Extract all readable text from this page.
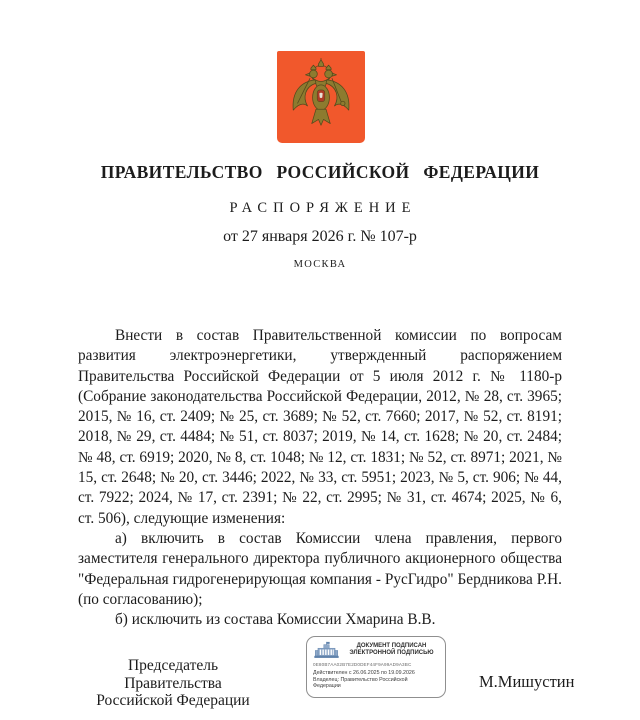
ПРАВИТЕЛЬСТВО РОССИЙСКОЙ ФЕДЕРАЦИИ
РАСПОРЯЖЕНИЕ
от 27 января 2026 г. № 107-р
МОСКВА

Внести в состав Правительственной комиссии по вопросам развития электроэнергетики, утвержденный распоряжением Правительства Российской Федерации от 5 июля 2012 г. № 1180-р (Собрание законодательства Российской Федерации, 2012, № 28, ст. 3965; 2015, № 16, ст. 2409; № 25, ст. 3689; № 52, ст. 7660; 2017, № 52, ст. 8191; 2018, № 29, ст. 4484; № 51, ст. 8037; 2019, № 14, ст. 1628; № 20, ст. 2484; № 48, ст. 6919; 2020, № 8, ст. 1048; № 12, ст. 1831; № 52, ст. 8971; 2021, № 15, ст. 2648; № 20, ст. 3446; 2022, № 33, ст. 5951; 2023, № 5, ст. 906; № 44, ст. 7922; 2024, № 17, ст. 2391; № 22, ст. 2995; № 31, ст. 4674; 2025, № 6, ст. 506), следующие изменения:

а) включить в состав Комиссии члена правления, первого заместителя генерального директора публичного акционерного общества "Федеральная гидрогенерирующая компания - РусГидро" Бердникова Р.Н. (по согласованию);

б) исключить из состава Комиссии Хмарина В.В.

Председатель Правительства
Российской Федерации
М.Мишустин
ДОКУМЕНТ ПОДПИСАН
ЭЛЕКТРОННОЙ ПОДПИСЬЮ
0E80B7AA02B7E2D0DEF44F9A99AD9A3BC
Действителен с 26.06.2025 по 19.09.2026
Владелец: Правительство Российской
Федерации
